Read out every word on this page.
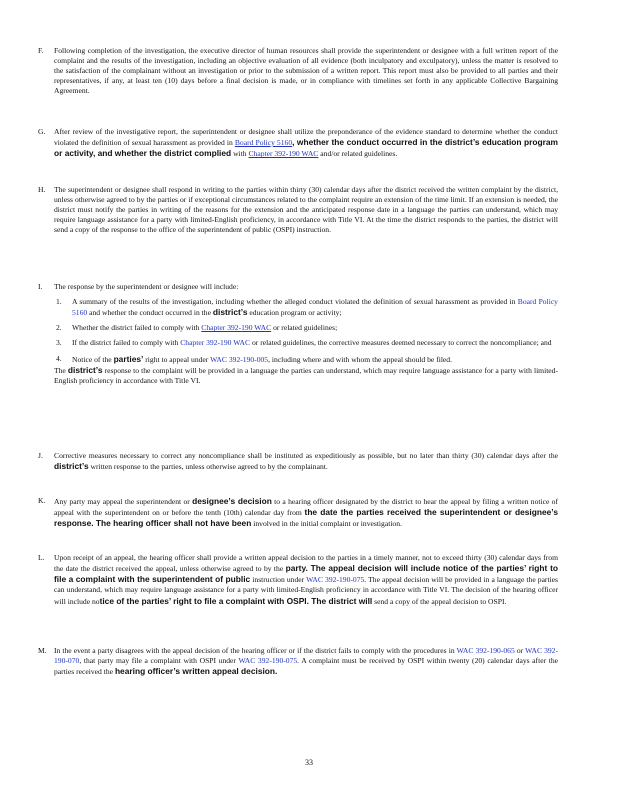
F.	Following completion of the investigation, the executive director of human resources shall provide the superintendent or designee with a full written report of the complaint and the results of the investigation, including an objective evaluation of all evidence (both inculpatory and exculpatory), unless the matter is resolved to the satisfaction of the complainant without an investigation or prior to the submission of a written report. This report must also be provided to all parties and their representatives, if any, at least ten (10) days before a final decision is made, or in compliance with timelines set forth in any applicable Collective Bargaining Agreement.

G.	After review of the investigative report, the superintendent or designee shall utilize the preponderance of the evidence standard to determine whether the conduct violated the definition of sexual harassment as provided in Board Policy 5160, whether the conduct occurred in the district’s education program or activity, and whether the district complied with Chapter 392-190 WAC and/or related guidelines.

H.	The superintendent or designee shall respond in writing to the parties within thirty (30) calendar days after the district received the written complaint by the district, unless otherwise agreed to by the parties or if exceptional circumstances related to the complaint require an extension of the time limit. If an extension is needed, the district must notify the parties in writing of the reasons for the extension and the anticipated response date in a language the parties can understand, which may require language assistance for a party with limited-English proficiency, in accordance with Title VI. At the time the district responds to the parties, the district will send a copy of the response to the office of the superintendent of public (OSPI) instruction.

I.	The response by the superintendent or designee will include:

1. A summary of the results of the investigation, including whether the alleged conduct violated the definition of sexual harassment as provided in Board Policy 5160 and whether the conduct occurred in the district’s education program or activity;
2. Whether the district failed to comply with Chapter 392-190 WAC or related guidelines;
3. If the district failed to comply with Chapter 392-190 WAC or related guidelines, the corrective measures deemed necessary to correct the noncompliance; and
4. Notice of the parties’ right to appeal under WAC 392-190-005, including where and with whom the appeal should be filed.

The district’s response to the complaint will be provided in a language the parties can understand, which may require language assistance for a party with limited-English proficiency in accordance with Title VI.

J.	Corrective measures necessary to correct any noncompliance shall be instituted as expeditiously as possible, but no later than thirty (30) calendar days after the district’s written response to the parties, unless otherwise agreed to by the complainant.

K.	Any party may appeal the superintendent or designee’s decision to a hearing officer designated by the district to hear the appeal by filing a written notice of appeal with the superintendent on or before the tenth (10th) calendar day from the date the parties received the superintendent or designee’s response. The hearing officer shall not have been involved in the initial complaint or investigation.

L.	Upon receipt of an appeal, the hearing officer shall provide a written appeal decision to the parties in a timely manner, not to exceed thirty (30) calendar days from the date the district received the appeal, unless otherwise agreed to by the party. The appeal decision will include notice of the parties’ right to file a complaint with the superintendent of public instruction under WAC 392-190-075. The appeal decision will be provided in a language the parties can understand, which may require language assistance for a party with limited-English proficiency in accordance with Title VI. The decision of the hearing officer will include notice of the parties’ right to file a complaint with OSPI. The district will send a copy of the appeal decision to OSPI.

M. In the event a party disagrees with the appeal decision of the hearing officer or if the district fails to comply with the procedures in WAC 392-190-065 or WAC 392-190-070, that party may file a complaint with OSPI under WAC 392-190-075. A complaint must be received by OSPI within twenty (20) calendar days after the parties received the hearing officer’s written appeal decision.

33
